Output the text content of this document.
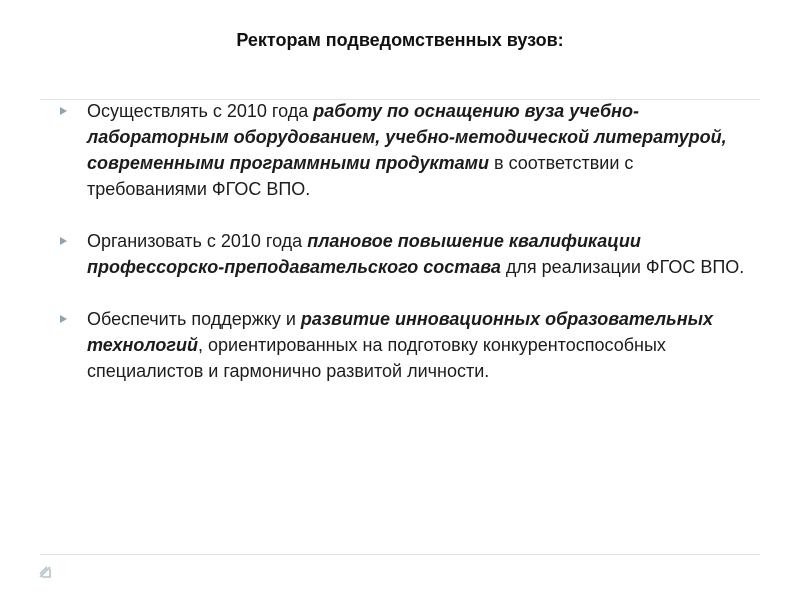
Ректорам подведомственных вузов:
Осуществлять с 2010 года работу по оснащению вуза учебно-лабораторным оборудованием, учебно-методической литературой, современными программными продуктами в соответствии с требованиями ФГОС ВПО.
Организовать с 2010 года плановое повышение квалификации профессорско-преподавательского состава для реализации ФГОС ВПО.
Обеспечить поддержку и развитие инновационных образовательных технологий, ориентированных на подготовку конкурентоспособных специалистов и гармонично развитой личности.
